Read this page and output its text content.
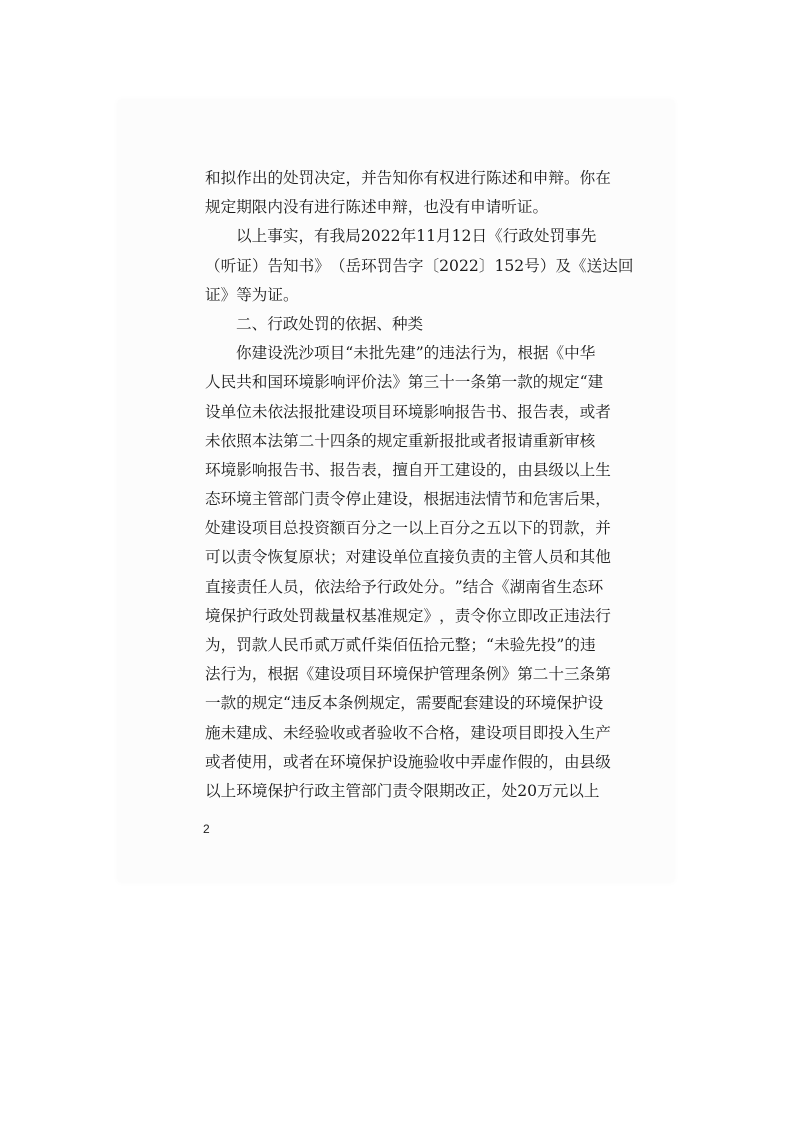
和 拟 作 出 的 处 罚 决 定 ， 并 告 知 你 有 权 进 行 陈 述 和 申 辩 。 你 在
规定期限内没有进行陈述申辩，也没有申请听证。
以 上 事 实 ， 有 我 局 2022 年 11 月 12 日 《 行 政 处 罚 事 先
（ 听 证 ） 告 知 书 》 （ 岳 环 罚 告 字 〔 2022 〕 152 号 ） 及 《 送 达 回
证》等为证。
二、行政处罚的依据、种类
你 建 设 洗 沙 项 目 “ 未 批 先 建 ” 的 违 法 行 为 ， 根 据 《 中 华
人 民 共 和 国 环 境 影 响 评 价 法 》 第 三 十 一 条 第 一 款 的 规 定 “ 建
设 单 位 未 依 法 报 批 建 设 项 目 环 境 影 响 报 告 书 、 报 告 表 ， 或 者
未 依 照 本 法 第 二 十 四 条 的 规 定 重 新 报 批 或 者 报 请 重 新 审 核
环 境 影 响 报 告 书 、 报 告 表 ， 擅 自 开 工 建 设 的 ， 由 县 级 以 上 生
态 环 境 主 管 部 门 责 令 停 止 建 设 ， 根 据 违 法 情 节 和 危 害 后 果 ，
处 建 设 项 目 总 投 资 额 百 分 之 一 以 上 百 分 之 五 以 下 的 罚 款 ， 并
可 以 责 令 恢 复 原 状 ； 对 建 设 单 位 直 接 负 责 的 主 管 人 员 和 其 他
直 接 责 任 人 员 ， 依 法 给 予 行 政 处 分 。 ” 结 合 《 湖 南 省 生 态 环
境 保 护 行 政 处 罚 裁 量 权 基 准 规 定 》 ， 责 令 你 立 即 改 正 违 法 行
为 ， 罚 款 人 民 币 贰 万 贰 仟 柒 佰 伍 拾 元 整 ； “ 未 验 先 投 ” 的 违
法 行 为 ， 根 据 《 建 设 项 目 环 境 保 护 管 理 条 例 》 第 二 十 三 条 第
一 款 的 规 定 “ 违 反 本 条 例 规 定 ， 需 要 配 套 建 设 的 环 境 保 护 设
施 未 建 成 、 未 经 验 收 或 者 验 收 不 合 格 ， 建 设 项 目 即 投 入 生 产
或 者 使 用 ， 或 者 在 环 境 保 护 设 施 验 收 中 弄 虚 作 假 的 ， 由 县 级
以 上 环 境 保 护 行 政 主 管 部 门 责 令 限 期 改 正 ， 处 20 万 元 以 上
2
